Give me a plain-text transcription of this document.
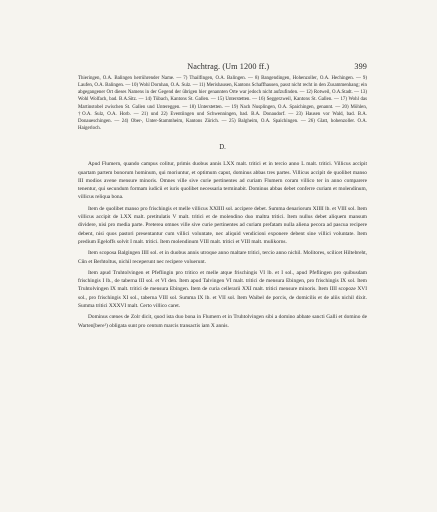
Nachtrag. (Um 1200 ff.)	399

Thieringen, O.A. Balingen herrührender Name. — 7) Thailfingen, O.A. Balingen. — 8) Bangendingen, Hohenzoller, O.A. Hechingen. — 9) Laufen, O.A. Balingen. — 10) Wohl Dornhan, O.A. Sulz. — 11) Merishausen, Kantons Schaffhausen, passt nicht recht in den Zusammenhang; ein abgegangener Ort dieses Namens in der Gegend der übrigen hier genannten Orte war jedoch nicht aufzufinden. — 12) Rotweil, O.A.Stadt. — 13) Wohl Wolfach, bad. B.A.Sitz. — 14) Tübach, Kantons St. Gallen. — 15) Unterstetten. — 16) Seggerzweil, Kantons St. Gallen. — 17) Wohl das Martinstobel zwischen St. Gallen und Untereggen. — 18) Unterstetten. — 19) Nach Nusplingen, O.A. Spaichingen, genannt. — 20) Möhlen, †O.A. Sulz, O.A. Horb. — 21) und 22) Eventiingen und Schwenningen, bad. B.A. Donaudorf. — 23) Hausen vor Wald, bad. B.A. Donaueschingen. — 24) Ober-, Unter-Stammheim, Kantons Zürich. — 25) Balgheim, O.A. Spaichingen. — 26) Glatt, hohenzoller. O.A. Haigerloch.

D.

Apud Flumern, quando campus colitur, primis duobus annis LXX malt. tritici et in tercio anno L malt. tritici. Villicus accipit quartam partem bonorum hominum, qui moriuntur, et optimum caput, dominus abbas tres partes. Villicus accipit de quolibet manso III modios avene mensure minoris. Omnes ville sive curie pertinentes ad curiam Flumern coram villico ter in anno comparere tenentur, qui secundum formam iudicii et iuris quolibet necessaria terminabit. Dominus abbas debet conferre curiam et molendinum, villicus reliqua bona.

Item de quolibet manso pro frischingis et melle villicus XXIIII sol. accipere debet. Summa denariorum XIIII lb. et VIII sol. Item villicus accipit de LXX malt. pretitulatis V malt. tritici et de molendino duo maltra tritici. Item nullus debet aliquem mansum dividere, nisi pro media parte. Preterea omnes ville sive curie pertinentes ad curiam prefatam nulla aliena pecora ad pascua recipere debent, nisi quos pastori presentantur cum villici voluntate, nec aliquid vendicioni exponere debent sine villici voluntate. Item predium Egeloffs solvit I malt. tritici. Item molendinum VIII malt. tritici et VIII malt. mulikorns.

Item scoposa Balgingen IIII sol. et in duobus annis utroque anno maltare tritici, tercio anno nichil. Molitores, scilicet Hiltebreht, Cûn et Berhtoltus, nichil receperunt nec recipere voluerunt.

Item apud Truhtolvingen et Pfeflingin pro tritico et melle atque frischingis VI lb. et I sol., apud Pfeflingen pro quibusdam frischingis I lb., de taberna III sol. et VI den. Item apud Talvingen VI malt. tritici de mensura Ebingen, pro frischingis IX sol. Item Truhtolvingen IX malt. tritici de mensura Ebingen. Item de curia cellerarii XXI malt. tritici mensure minoris. Item IIII scopoze XVI sol., pro frischingis XI sol., taberna VIII sol. Summa IX lb. et VII sol. Item Waibel de porcis, de domicilis et de aliis nichil dixit. Summa tritici XXXVI malt. Certo villico caret.

Dominus cœnes de Zolr dicit, quod ista duo bona in Flumern et in Truhtolvingen sibi a domino abbate sancti Galli et domino de Warten[bere¹) obligata sunt pro centum marcis transactis iam X annis.
